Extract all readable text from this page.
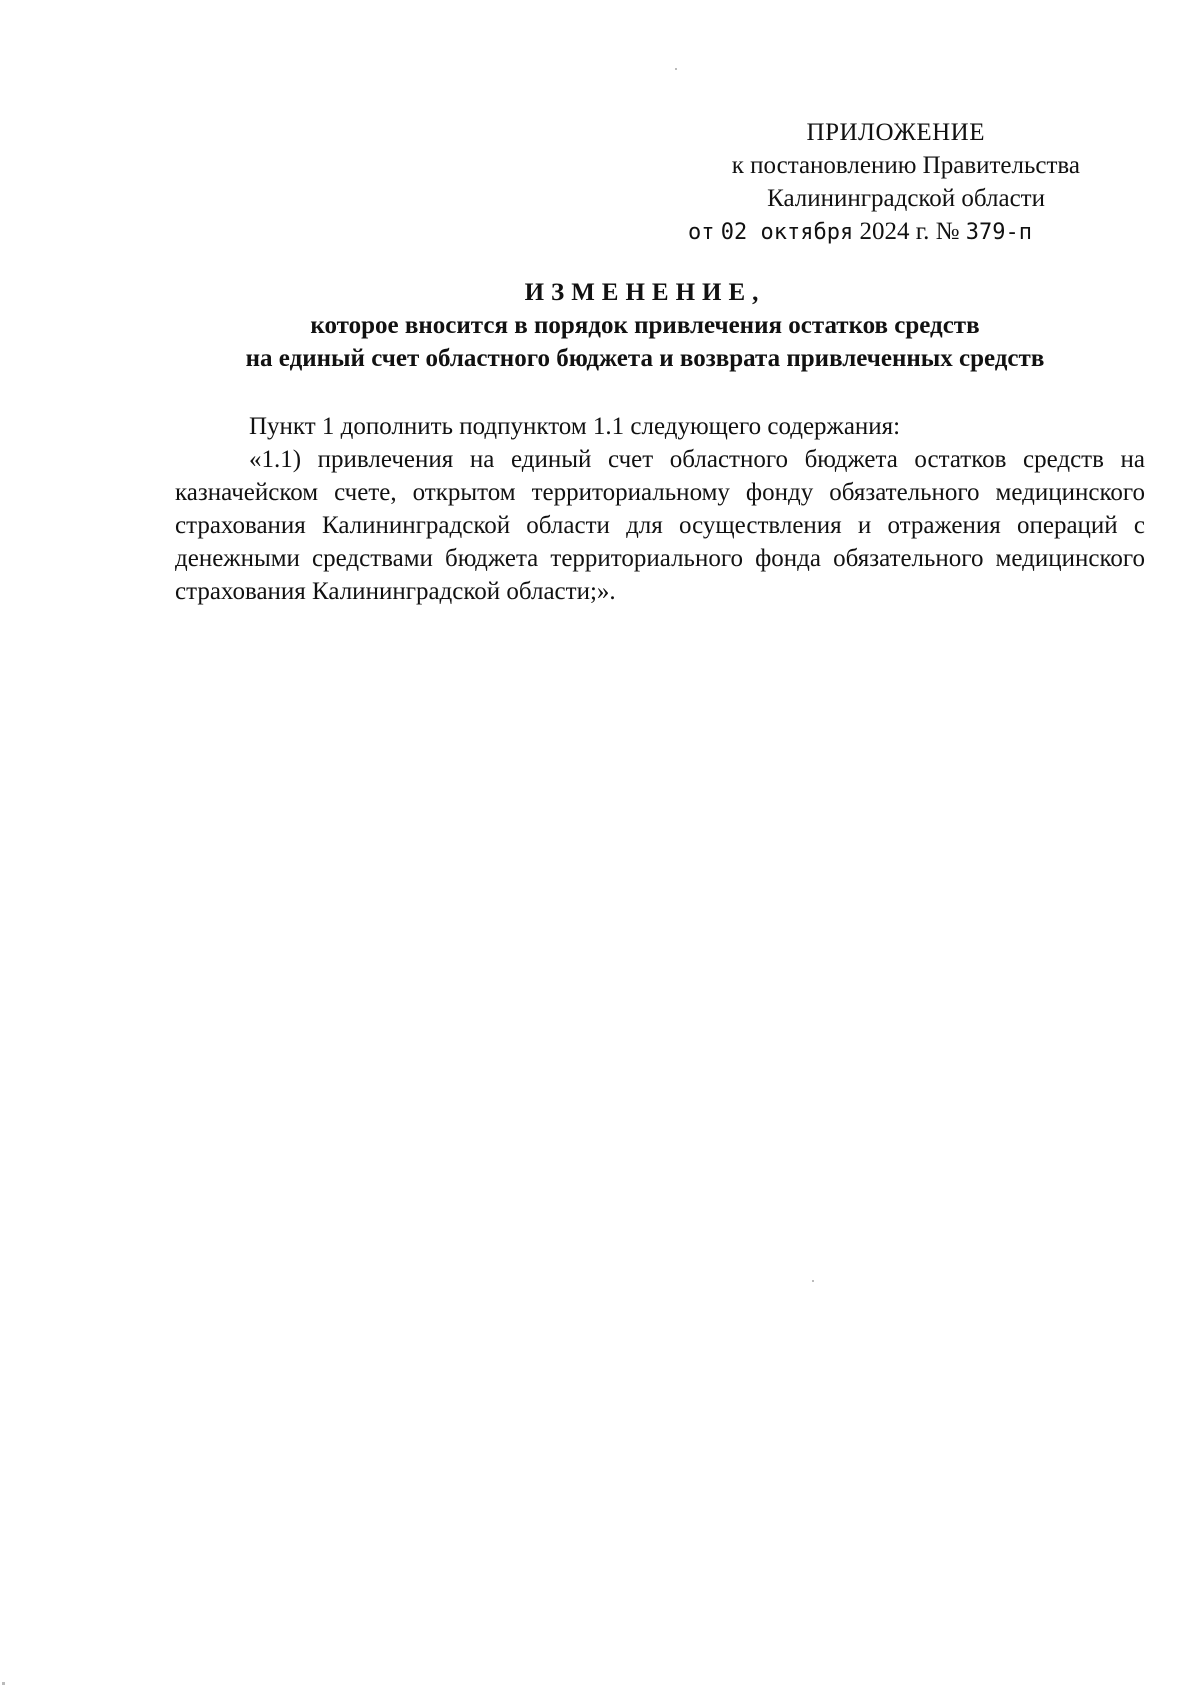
ПРИЛОЖЕНИЕ
к постановлению Правительства
Калининградской области
от 02 октября 2024 г. № 379-п
ИЗМЕНЕНИЕ,
которое вносится в порядок привлечения остатков средств
на единый счет областного бюджета и возврата привлеченных средств

Пункт 1 дополнить подпунктом 1.1 следующего содержания:

«1.1) привлечения на единый счет областного бюджета остатков средств на казначейском счете, открытом территориальному фонду обязательного медицинского страхования Калининградской области для осуществления и отражения операций с денежными средствами бюджета территориального фонда обязательного медицинского страхования Калининградской области;».
